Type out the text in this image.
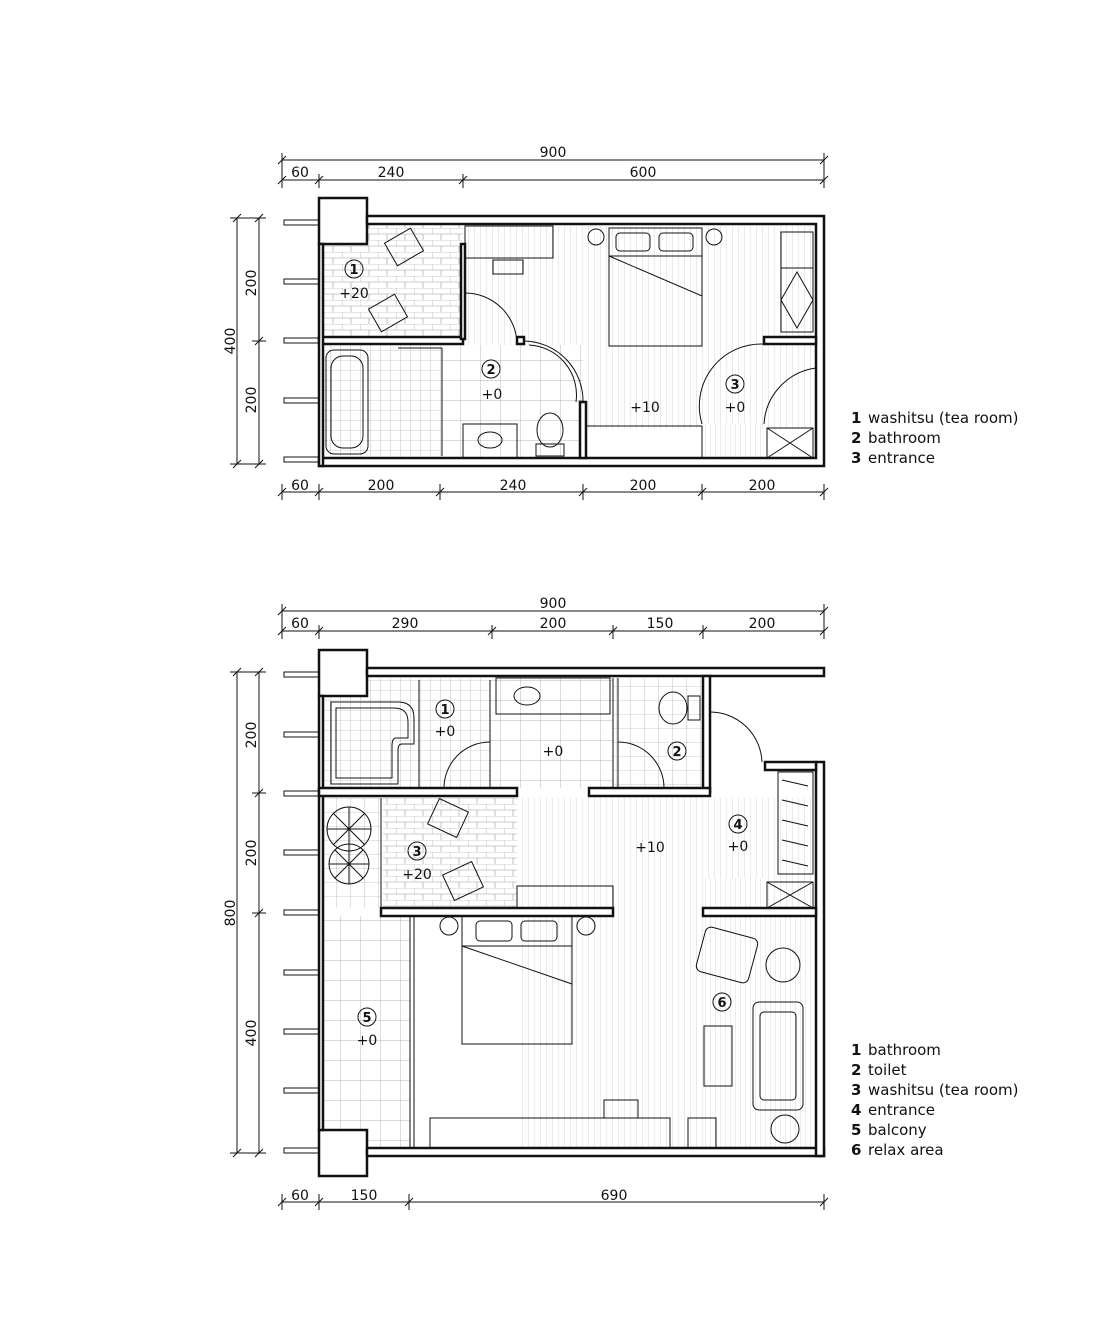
900
60	240	600
400
200
200
60	200	240	200	200
1
+20
2
+0
3
+0
+10
900
60	290	200	150	200
800
200
200
400
60	150	690
1
+0
2
3
+20
4
+0
5
+0
6
+0
+10
1 washitsu (tea room)
2 bathroom
3 entrance
1 bathroom
2 toilet
3 washitsu (tea room)
4 entrance
5 balcony
6 relax area
